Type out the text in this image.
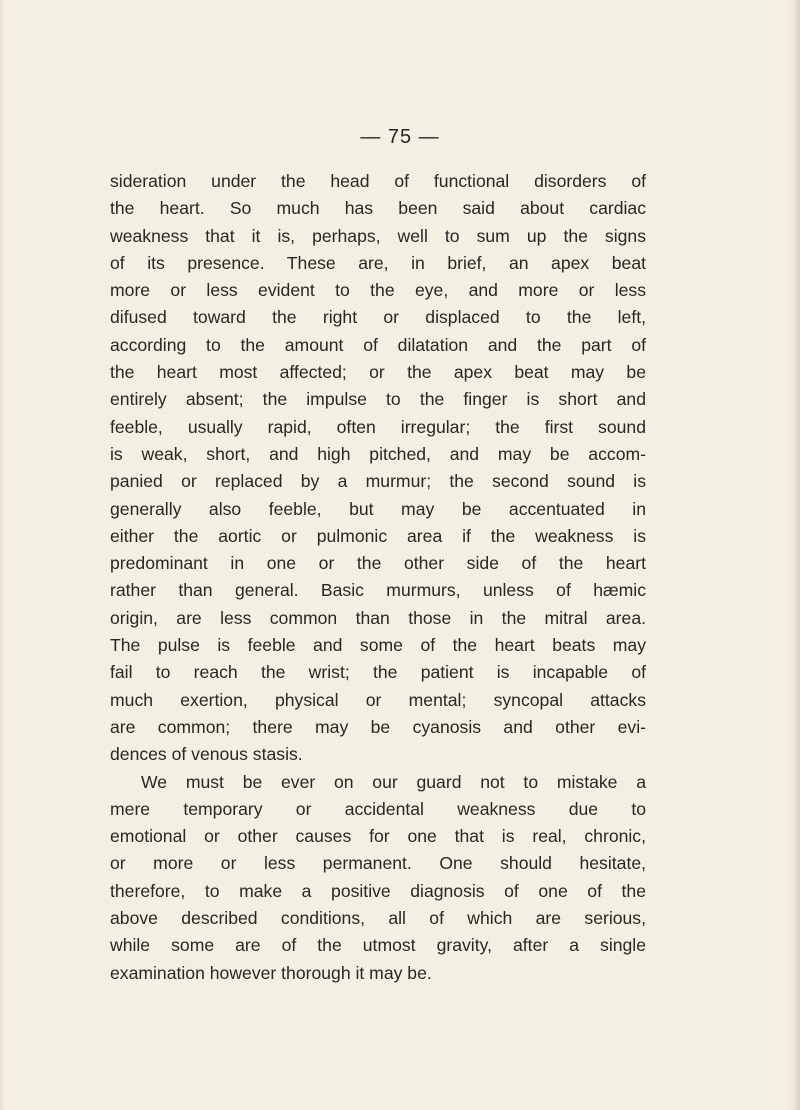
— 75 —
sideration under the head of functional disorders of
the heart. So much has been said about cardiac
weakness that it is, perhaps, well to sum up the signs
of its presence. These are, in brief, an apex beat
more or less evident to the eye, and more or less
difused toward the right or displaced to the left,
according to the amount of dilatation and the part of
the heart most affected; or the apex beat may be
entirely absent; the impulse to the finger is short and
feeble, usually rapid, often irregular; the first sound
is weak, short, and high pitched, and may be accom-
panied or replaced by a murmur; the second sound is
generally also feeble, but may be accentuated in
either the aortic or pulmonic area if the weakness is
predominant in one or the other side of the heart
rather than general. Basic murmurs, unless of hæmic
origin, are less common than those in the mitral area.
The pulse is feeble and some of the heart beats may
fail to reach the wrist; the patient is incapable of
much exertion, physical or mental; syncopal attacks
are common; there may be cyanosis and other evi-
dences of venous stasis.
We must be ever on our guard not to mistake a
mere temporary or accidental weakness due to
emotional or other causes for one that is real, chronic,
or more or less permanent. One should hesitate,
therefore, to make a positive diagnosis of one of the
above described conditions, all of which are serious,
while some are of the utmost gravity, after a single
examination however thorough it may be.
